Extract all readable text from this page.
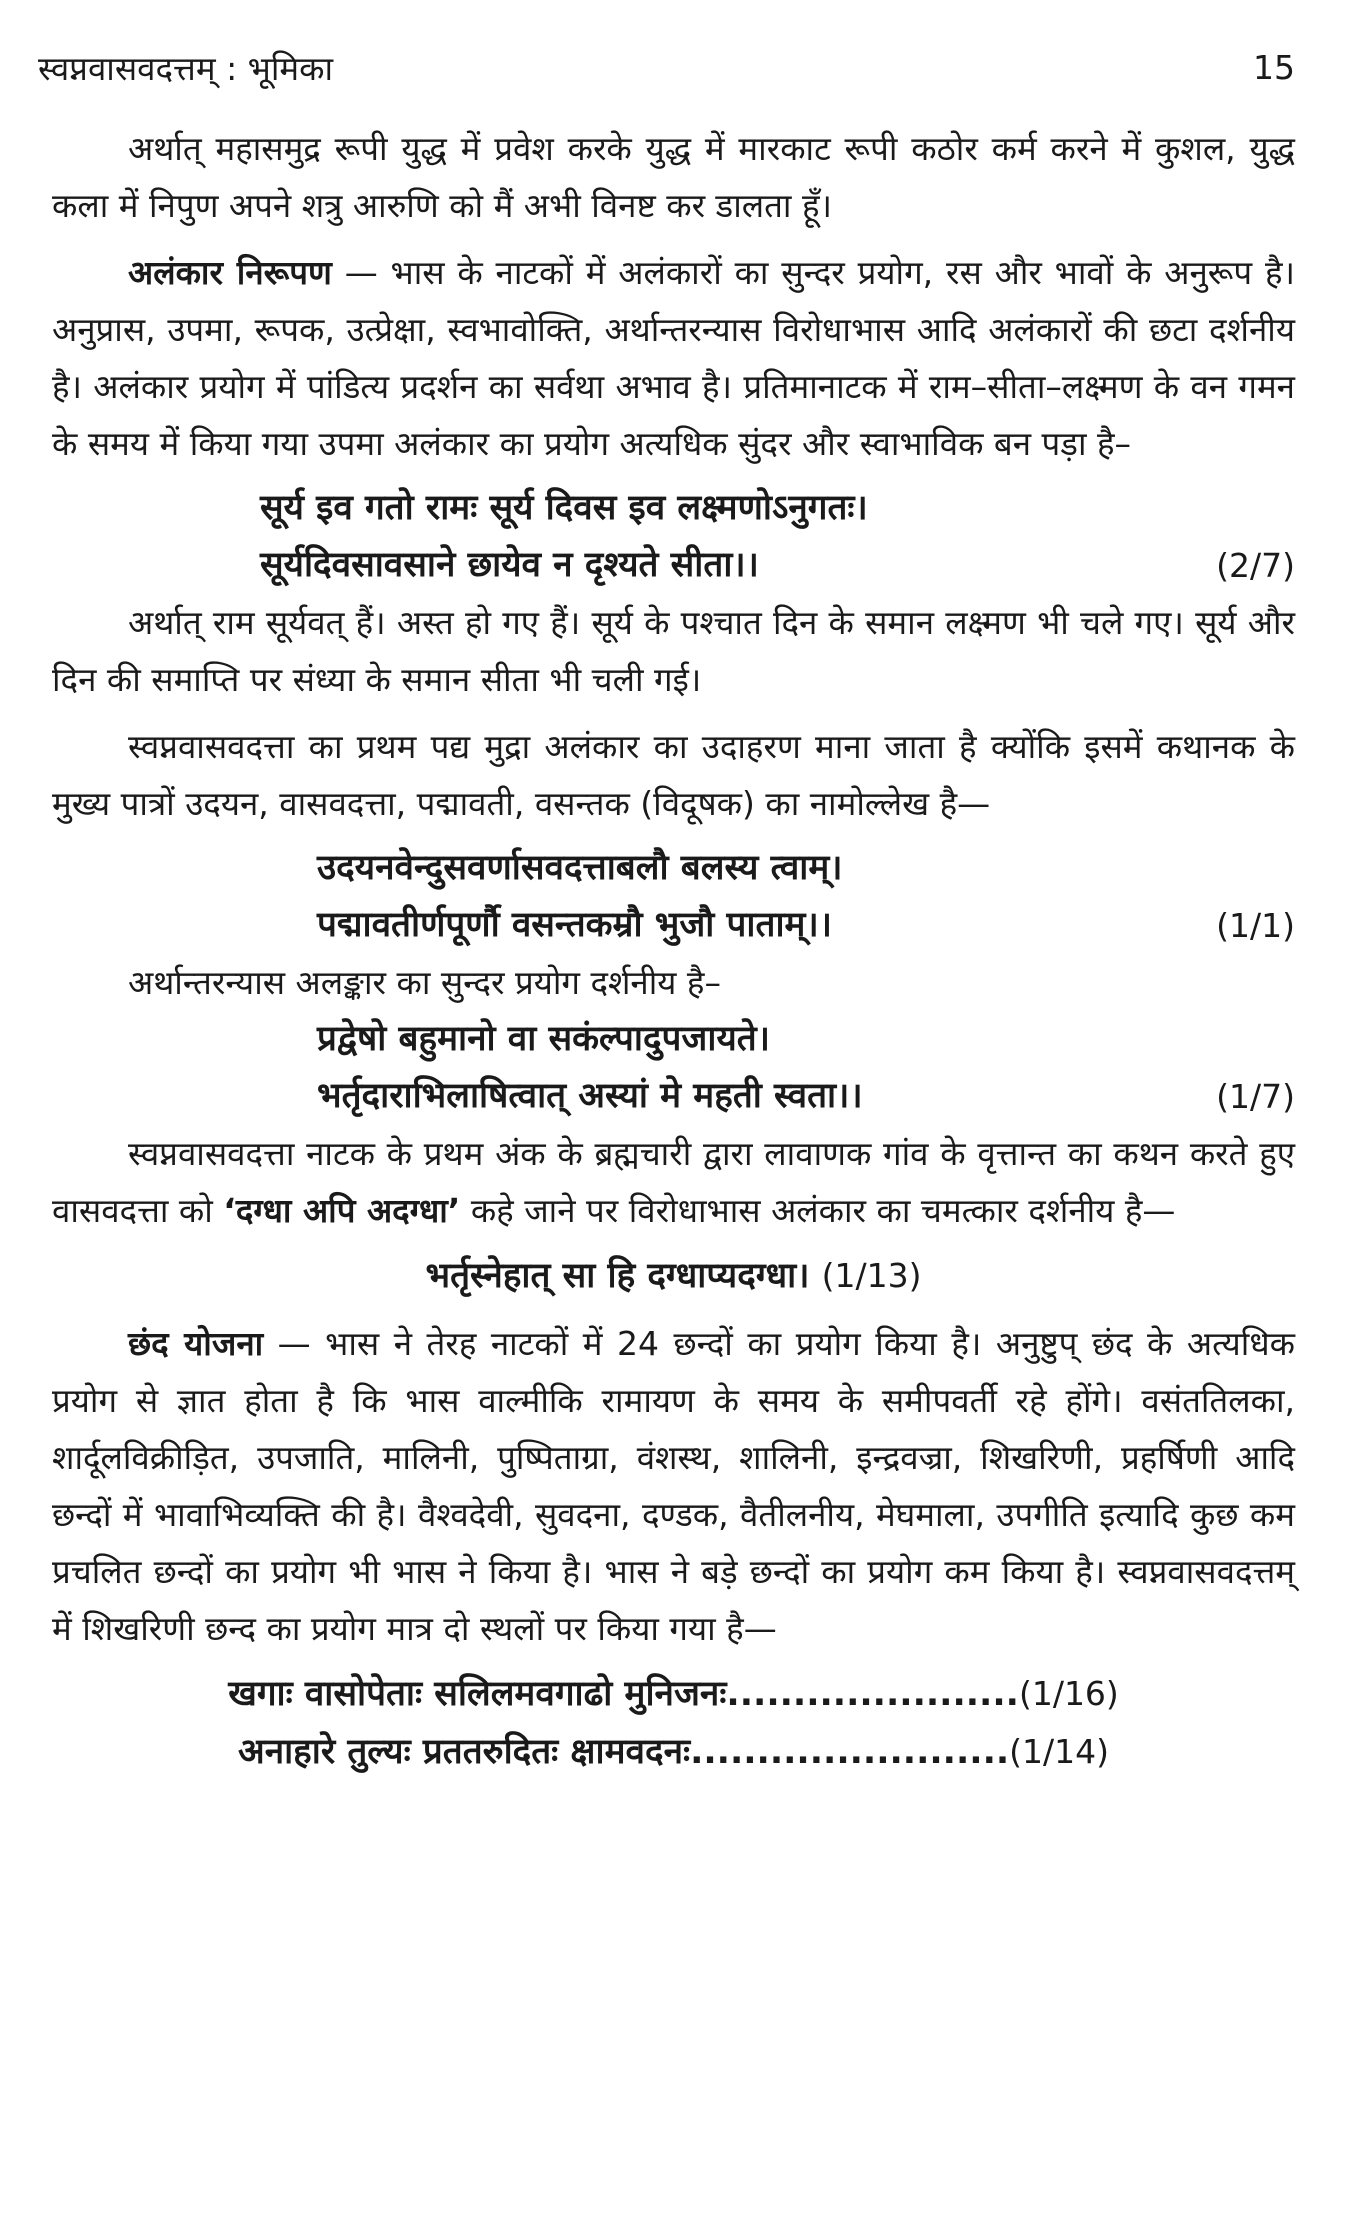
स्वप्नवासवदत्तम् : भूमिका	15

अर्थात् महासमुद्र रूपी युद्ध में प्रवेश करके युद्ध में मारकाट रूपी कठोर कर्म करने में कुशल, युद्ध कला में निपुण अपने शत्रु आरुणि को मैं अभी विनष्ट कर डालता हूँ।

अलंकार निरूपण — भास के नाटकों में अलंकारों का सुन्दर प्रयोग, रस और भावों के अनुरूप है। अनुप्रास, उपमा, रूपक, उत्प्रेक्षा, स्वभावोक्ति, अर्थान्तरन्यास विरोधाभास आदि अलंकारों की छटा दर्शनीय है। अलंकार प्रयोग में पांडित्य प्रदर्शन का सर्वथा अभाव है। प्रतिमानाटक में राम–सीता–लक्ष्मण के वन गमन के समय में किया गया उपमा अलंकार का प्रयोग अत्यधिक सुंदर और स्वाभाविक बन पड़ा है–

सूर्य इव गतो रामः सूर्य दिवस इव लक्ष्मणोऽनुगतः।
सूर्यदिवसावसाने छायेव न दृश्यते सीता।।	(2/7)

अर्थात् राम सूर्यवत् हैं। अस्त हो गए हैं। सूर्य के पश्चात दिन के समान लक्ष्मण भी चले गए। सूर्य और दिन की समाप्ति पर संध्या के समान सीता भी चली गई।

स्वप्नवासवदत्ता का प्रथम पद्य मुद्रा अलंकार का उदाहरण माना जाता है क्योंकि इसमें कथानक के मुख्य पात्रों उदयन, वासवदत्ता, पद्मावती, वसन्तक (विदूषक) का नामोल्लेख है—

उदयनवेन्दुसवर्णासवदत्ताबलौ बलस्य त्वाम्।
पद्मावतीर्णपूर्णौ वसन्तकम्रौ भुजौ पाताम्।।	(1/1)

अर्थान्तरन्यास अलङ्कार का सुन्दर प्रयोग दर्शनीय है–

प्रद्वेषो बहुमानो वा सकंल्पादुपजायते।
भर्तृदाराभिलाषित्वात् अस्यां मे महती स्वता।।	(1/7)

स्वप्नवासवदत्ता नाटक के प्रथम अंक के ब्रह्मचारी द्वारा लावाणक गांव के वृत्तान्त का कथन करते हुए वासवदत्ता को ‘दग्धा अपि अदग्धा’ कहे जाने पर विरोधाभास अलंकार का चमत्कार दर्शनीय है—

भर्तृस्नेहात् सा हि दग्धाप्यदग्धा। (1/13)

छंद योजना — भास ने तेरह नाटकों में 24 छन्दों का प्रयोग किया है। अनुष्टुप् छंद के अत्यधिक प्रयोग से ज्ञात होता है कि भास वाल्मीकि रामायण के समय के समीपवर्ती रहे होंगे। वसंततिलका, शार्दूलविक्रीड़ित, उपजाति, मालिनी, पुष्पिताग्रा, वंशस्थ, शालिनी, इन्द्रवज्रा, शिखरिणी, प्रहर्षिणी आदि छन्दों में भावाभिव्यक्ति की है। वैश्वदेवी, सुवदना, दण्डक, वैतीलनीय, मेघमाला, उपगीति इत्यादि कुछ कम प्रचलित छन्दों का प्रयोग भी भास ने किया है। भास ने बड़े छन्दों का प्रयोग कम किया है। स्वप्नवासवदत्तम् में शिखरिणी छन्द का प्रयोग मात्र दो स्थलों पर किया गया है—

खगाः वासोपेताः सलिलमवगाढो मुनिजनः......................(1/16)
अनाहारे तुल्यः प्रततरुदितः क्षामवदनः........................(1/14)
